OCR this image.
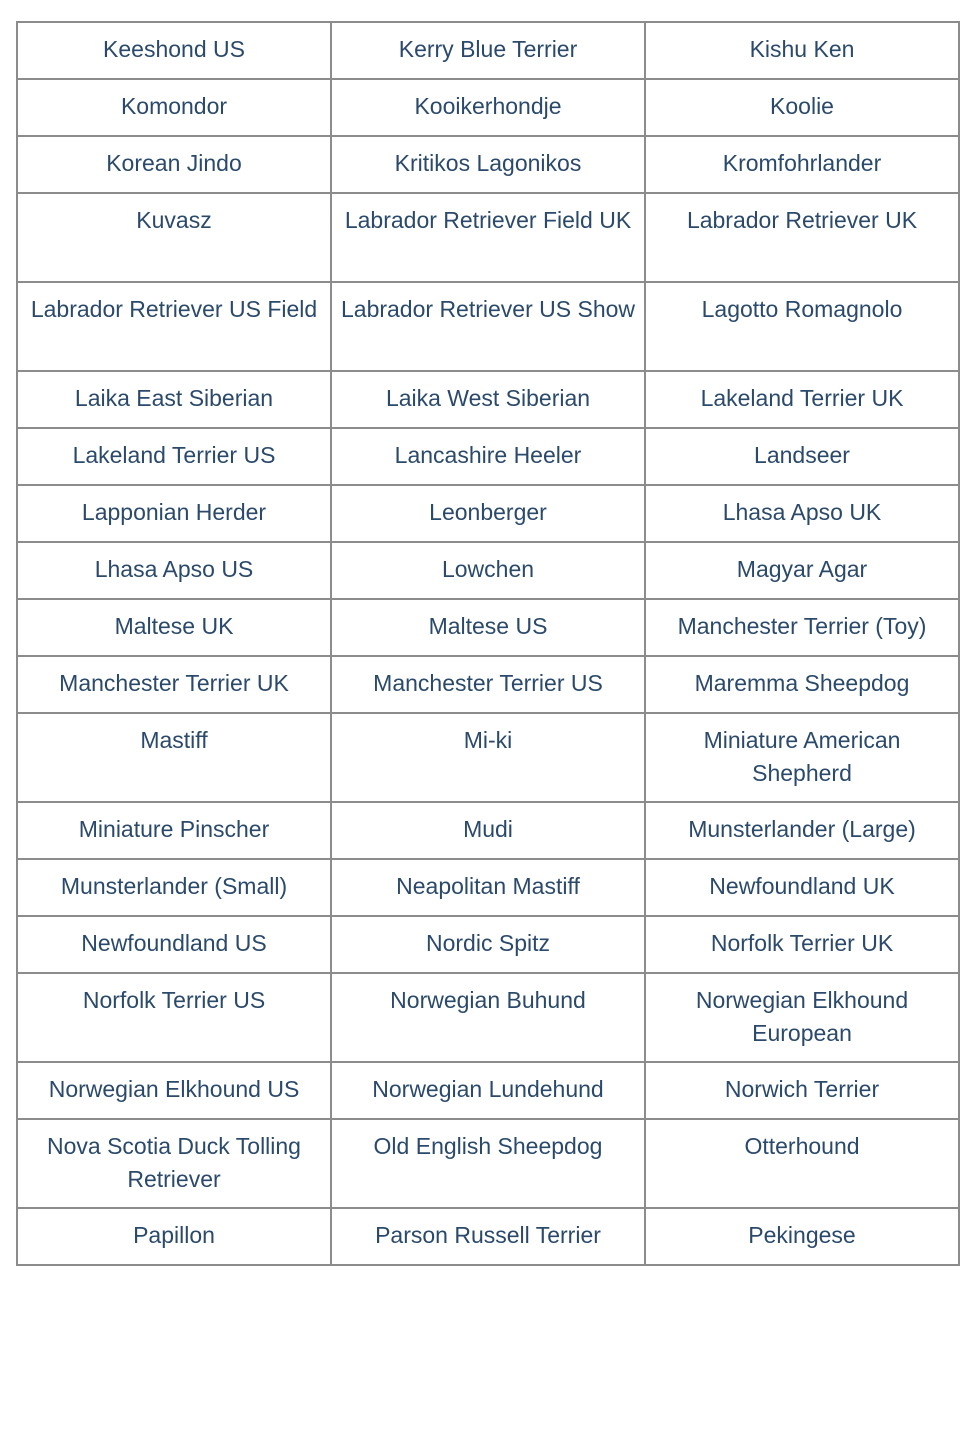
Keeshond US	Kerry Blue Terrier	Kishu Ken
Komondor	Kooikerhondje	Koolie
Korean Jindo	Kritikos Lagonikos	Kromfohrlander
Kuvasz	Labrador Retriever Field UK	Labrador Retriever UK
Labrador Retriever US Field	Labrador Retriever US Show	Lagotto Romagnolo
Laika East Siberian	Laika West Siberian	Lakeland Terrier UK
Lakeland Terrier US	Lancashire Heeler	Landseer
Lapponian Herder	Leonberger	Lhasa Apso UK
Lhasa Apso US	Lowchen	Magyar Agar
Maltese UK	Maltese US	Manchester Terrier (Toy)
Manchester Terrier UK	Manchester Terrier US	Maremma Sheepdog
Mastiff	Mi-ki	Miniature American Shepherd
Miniature Pinscher	Mudi	Munsterlander (Large)
Munsterlander (Small)	Neapolitan Mastiff	Newfoundland UK
Newfoundland US	Nordic Spitz	Norfolk Terrier UK
Norfolk Terrier US	Norwegian Buhund	Norwegian Elkhound European
Norwegian Elkhound US	Norwegian Lundehund	Norwich Terrier
Nova Scotia Duck Tolling Retriever	Old English Sheepdog	Otterhound
Papillon	Parson Russell Terrier	Pekingese
